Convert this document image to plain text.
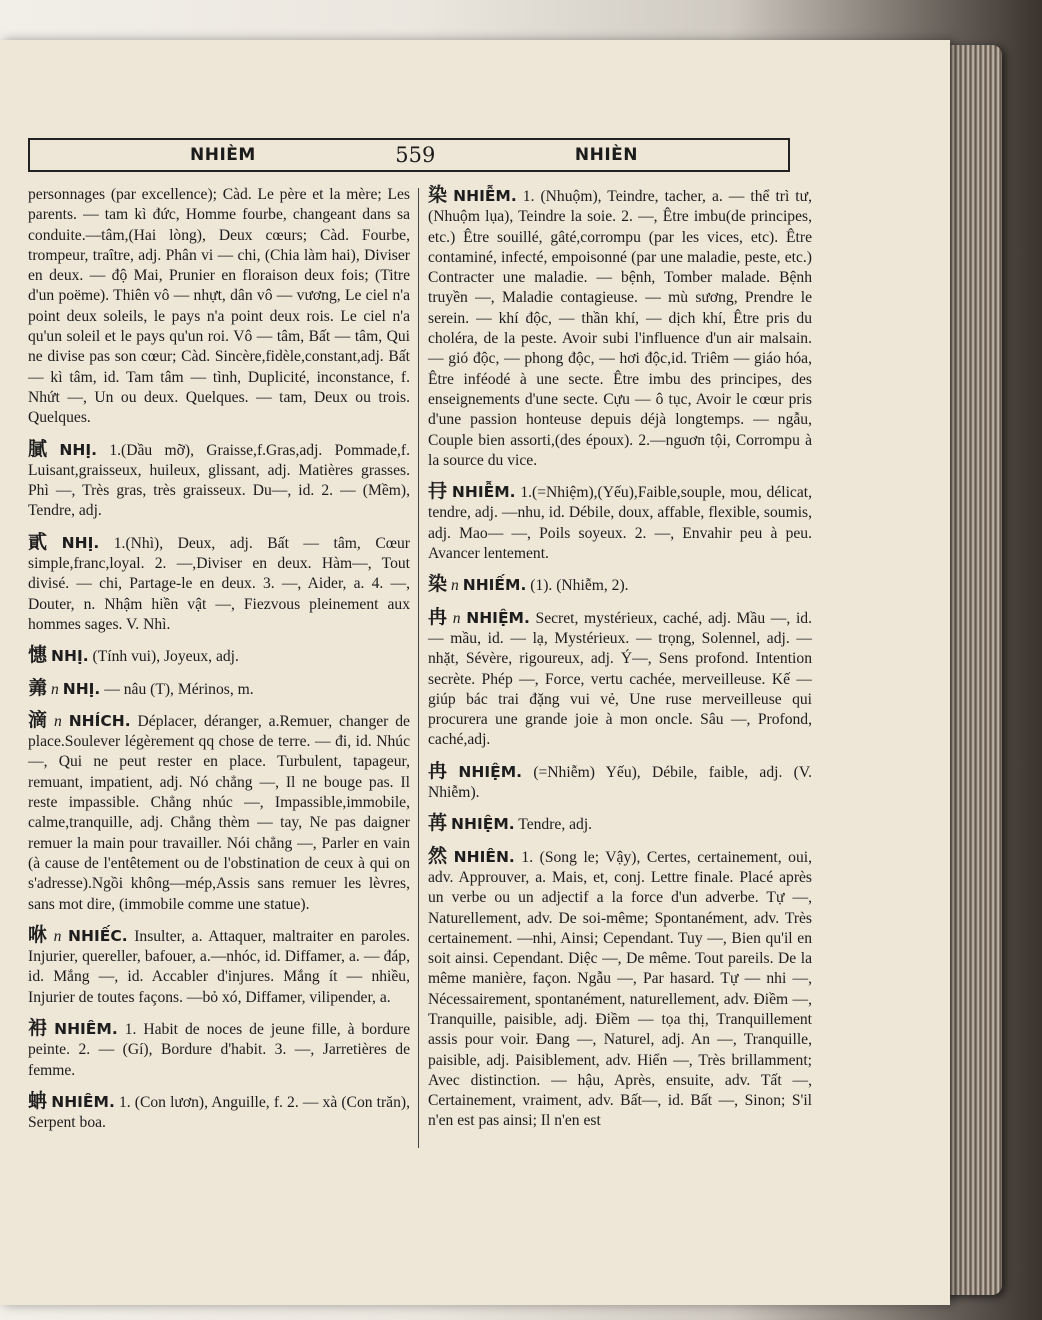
NHIÈM	559	NHIÈN

personnages (par excellence); Càd. Le père et la mère; Les parents. — tam kì đức, Homme fourbe, changeant dans sa conduite.—tâm,(Hai lòng), Deux cœurs; Càd. Fourbe, trompeur, traître, adj. Phân vi — chi, (Chia làm hai), Diviser en deux. — độ Mai, Prunier en floraison deux fois; (Titre d'un poëme). Thiên vô — nhựt, dân vô — vương, Le ciel n'a point deux soleils, le pays n'a point deux rois. Le ciel n'a qu'un soleil et le pays qu'un roi. Vô — tâm, Bất — tâm, Qui ne divise pas son cœur; Càd. Sincère,fidèle,constant,adj. Bất — kì tâm, id. Tam tâm — tình, Duplicité, inconstance, f. Nhứt —, Un ou deux. Quelques. — tam, Deux ou trois. Quelques.

膩 NHỊ. 1.(Dầu mỡ), Graisse,f.Gras,adj. Pommade,f. Luisant,graisseux, huileux, glissant, adj. Matières grasses. Phì —, Très gras, très graisseux. Du—, id. 2. — (Mềm), Tendre, adj.

貳 NHỊ. 1.(Nhì), Deux, adj. Bất — tâm, Cœur simple,franc,loyal. 2. —,Diviser en deux. Hàm—, Tout divisé. — chi, Partage-le en deux. 3. —, Aider, a. 4. —, Douter, n. Nhậm hiền vật —, Fiezvous pleinement aux hommes sages. V. Nhì.

憓 NHỊ. (Tính vui), Joyeux, adj.

羛 n NHỊ. — nâu (T), Mérinos, m.

滴 n NHÍCH. Déplacer, déranger, a.Remuer, changer de place.Soulever légèrement qq chose de terre. — đi, id. Nhúc—, Qui ne peut rester en place. Turbulent, tapageur, remuant, impatient, adj. Nó chẳng —, Il ne bouge pas. Il reste impassible. Chẳng nhúc —, Impassible,immobile, calme,tranquille, adj. Chẳng thèm — tay, Ne pas daigner remuer la main pour travailler. Nói chẳng —, Parler en vain (à cause de l'entêtement ou de l'obstination de ceux à qui on s'adresse).Ngồi không—mép,Assis sans remuer les lèvres, sans mot dire, (immobile comme une statue).

咻 n NHIẾC. Insulter, a. Attaquer, maltraiter en paroles. Injurier, quereller, bafouer, a.—nhóc, id. Diffamer, a. — đáp, id. Mắng —, id. Accabler d'injures. Mắng ít — nhiều, Injurier de toutes façons. —bỏ xó, Diffamer, vilipender, a.

衻 NHIÊM. 1. Habit de noces de jeune fille, à bordure peinte. 2. — (Gí), Bordure d'habit. 3. —, Jarretières de femme.

蚺 NHIÊM. 1. (Con lươn), Anguille, f. 2. — xà (Con trăn), Serpent boa.

染 NHIỄM. 1. (Nhuộm), Teindre, tacher, a. — thể trì tư,(Nhuộm lụa), Teindre la soie. 2. —, Être imbu(de principes, etc.) Être souillé, gâté,corrompu (par les vices, etc). Être contaminé, infecté, empoisonné (par une maladie, peste, etc.) Contracter une maladie. — bệnh, Tomber malade. Bệnh truyền —, Maladie contagieuse. — mù sương, Prendre le serein. — khí độc, — thần khí, — dịch khí, Être pris du choléra, de la peste. Avoir subi l'influence d'un air malsain. — gió độc, — phong độc, — hơi độc,id. Triêm — giáo hóa, Être inféodé à une secte. Être imbu des principes, des enseignements d'une secte. Cựu — ô tục, Avoir le cœur pris d'une passion honteuse depuis déjà longtemps. — ngẫu, Couple bien assorti,(des époux). 2.—nguơn tội, Corrompu à la source du vice.

冄 NHIỄM. 1.(=Nhiệm),(Yếu),Faible,souple, mou, délicat, tendre, adj. —nhu, id. Débile, doux, affable, flexible, soumis, adj. Mao— —, Poils soyeux. 2. —, Envahir peu à peu. Avancer lentement.

染 n NHIẾM. (1). (Nhiễm, 2).

冉 n NHIỆM. Secret, mystérieux, caché, adj. Mầu —, id. — mầu, id. — lạ, Mystérieux. — trọng, Solennel, adj. — nhặt, Sévère, rigoureux, adj. Ý—, Sens profond. Intention secrète. Phép —, Force, vertu cachée, merveilleuse. Kế — giúp bác trai đặng vui vẻ, Une ruse merveilleuse qui procurera une grande joie à mon oncle. Sâu —, Profond, caché,adj.

冉 NHIỆM. (=Nhiễm) Yếu), Débile, faible, adj. (V. Nhiễm).

苒 NHIỆM. Tendre, adj.

然 NHIÊN. 1. (Song le; Vậy), Certes, certainement, oui, adv. Approuver, a. Mais, et, conj. Lettre finale. Placé après un verbe ou un adjectif a la force d'un adverbe. Tự —, Naturellement, adv. De soi-même; Spontanément, adv. Très certainement. —nhi, Ainsi; Cependant. Tuy —, Bien qu'il en soit ainsi. Cependant. Diệc —, De même. Tout pareils. De la même manière, façon. Ngẫu —, Par hasard. Tự — nhi —, Nécessairement, spontanément, naturellement, adv. Điềm —, Tranquille, paisible, adj. Điềm — tọa thị, Tranquillement assis pour voir. Đang —, Naturel, adj. An —, Tranquille, paisible, adj. Paisiblement, adv. Hiển —, Très brillamment; Avec distinction. — hậu, Après, ensuite, adv. Tất —, Certainement, vraiment, adv. Bất—, id. Bất —, Sinon; S'il n'en est pas ainsi; Il n'en est
